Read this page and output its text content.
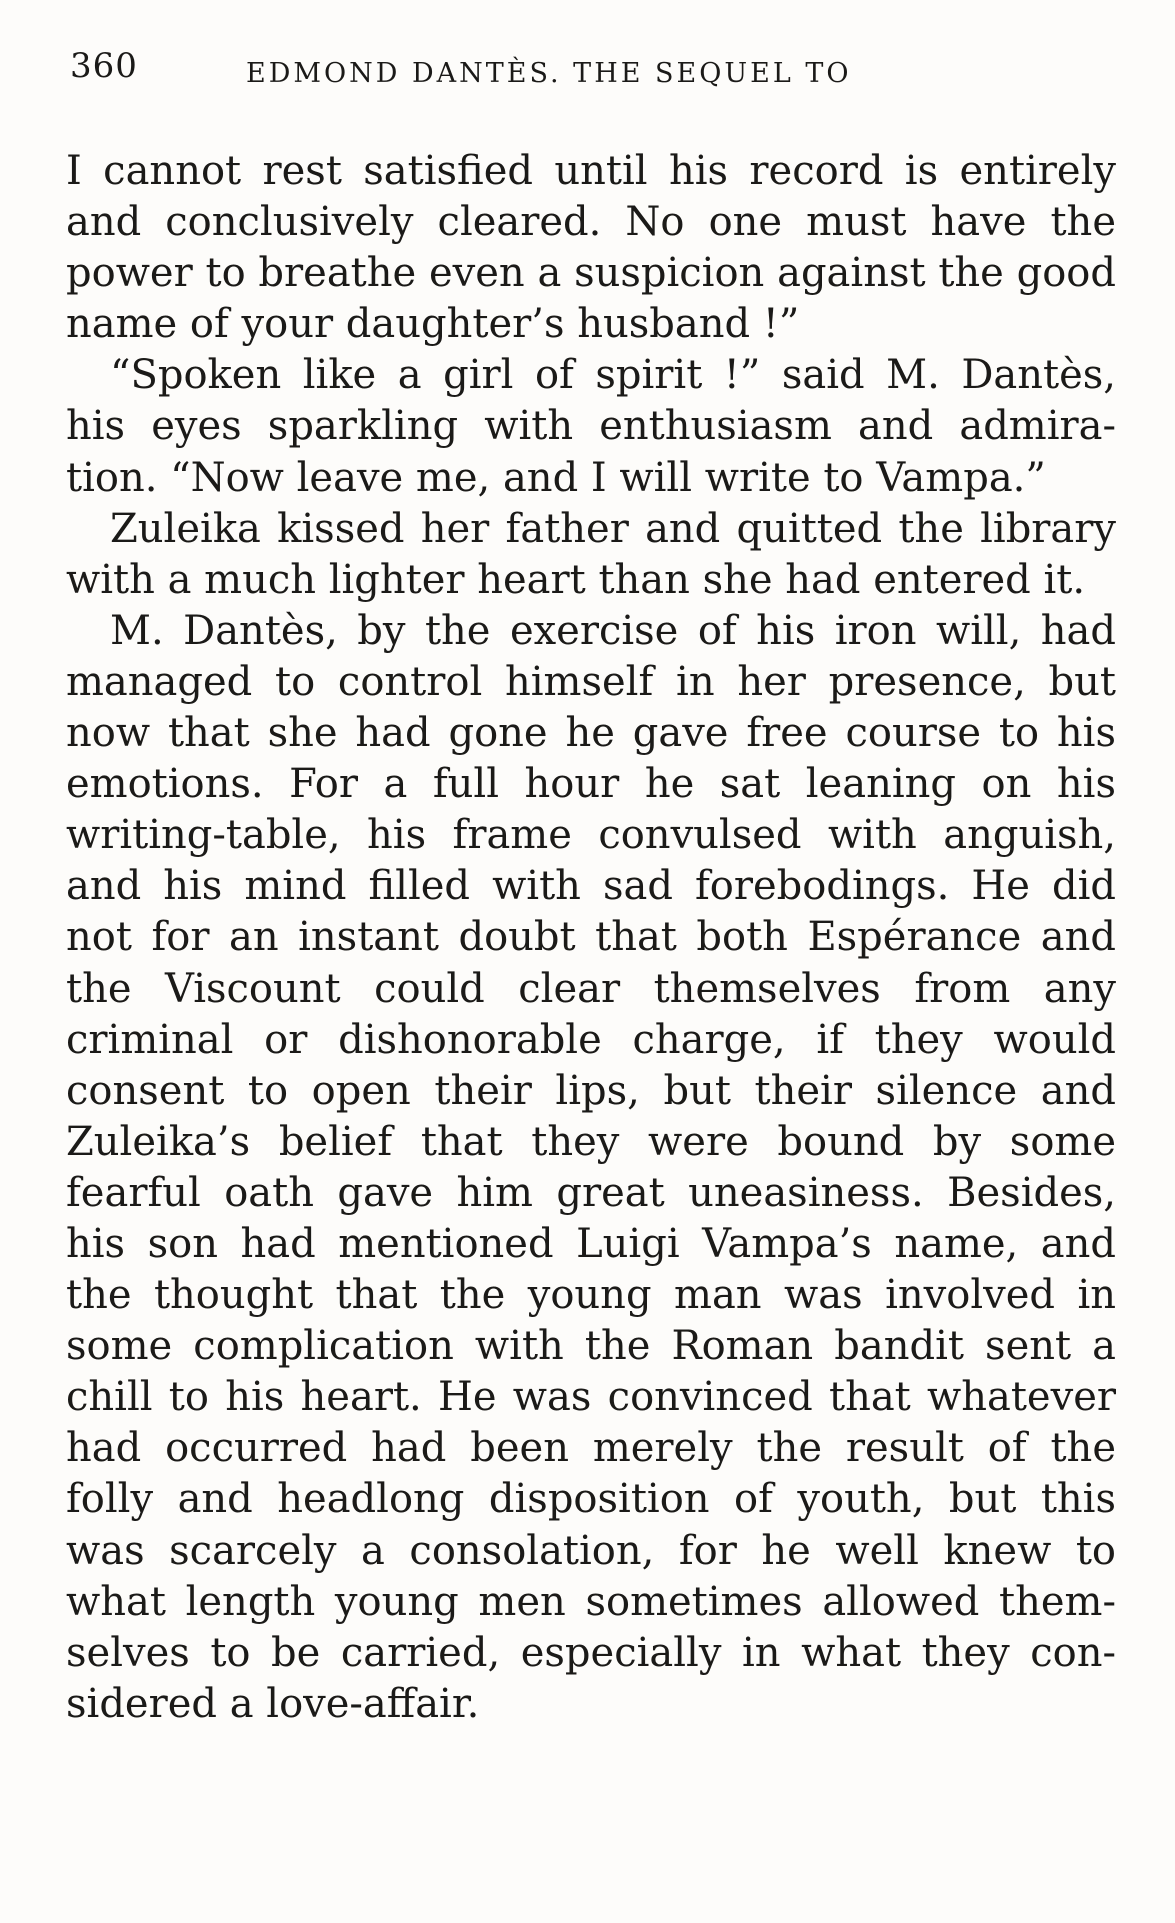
360	EDMOND DANTÈS. THE SEQUEL TO
I cannot rest satisfied until his record is entirely
and conclusively cleared. No one must have the
power to breathe even a suspicion against the good
name of your daughter’s husband !”
“Spoken like a girl of spirit !” said M. Dantès,
his eyes sparkling with enthusiasm and admira-
tion. “Now leave me, and I will write to Vampa.”
Zuleika kissed her father and quitted the library
with a much lighter heart than she had entered it.
M. Dantès, by the exercise of his iron will, had
managed to control himself in her presence, but
now that she had gone he gave free course to his
emotions. For a full hour he sat leaning on his
writing-table, his frame convulsed with anguish,
and his mind filled with sad forebodings. He did
not for an instant doubt that both Espérance and
the Viscount could clear themselves from any
criminal or dishonorable charge, if they would
consent to open their lips, but their silence and
Zuleika’s belief that they were bound by some
fearful oath gave him great uneasiness. Besides,
his son had mentioned Luigi Vampa’s name, and
the thought that the young man was involved in
some complication with the Roman bandit sent a
chill to his heart. He was convinced that whatever
had occurred had been merely the result of the
folly and headlong disposition of youth, but this
was scarcely a consolation, for he well knew to
what length young men sometimes allowed them-
selves to be carried, especially in what they con-
sidered a love-affair.
